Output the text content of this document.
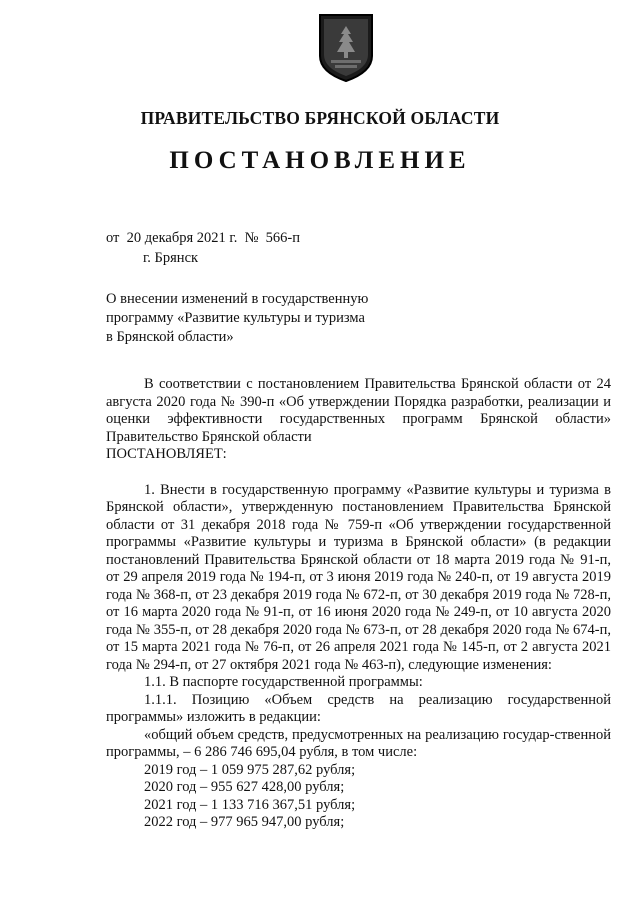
ПРАВИТЕЛЬСТВО БРЯНСКОЙ ОБЛАСТИ
ПОСТАНОВЛЕНИЕ
от  20 декабря 2021 г.  №  566-п
г. Брянск
О внесении изменений в государственную
программу «Развитие культуры и туризма
в Брянской области»

В соответствии с постановлением Правительства Брянской области от 24 августа 2020 года № 390-п «Об утверждении Порядка разработки, реализации и оценки эффективности государственных программ Брянской области» Правительство Брянской области

ПОСТАНОВЛЯЕТ:

1. Внести в государственную программу «Развитие культуры и туризма в Брянской области», утвержденную постановлением Правительства Брянской области от 31 декабря 2018 года № 759-п «Об утверждении государственной программы «Развитие культуры и туризма в Брянской области» (в редакции постановлений Правительства Брянской области от 18 марта 2019 года № 91-п, от 29 апреля 2019 года № 194-п, от 3 июня 2019 года № 240-п, от 19 августа 2019 года № 368-п, от 23 декабря 2019 года № 672-п, от 30 декабря 2019 года № 728-п, от 16 марта 2020 года № 91-п, от 16 июня 2020 года № 249-п, от 10 августа 2020 года № 355-п, от 28 декабря 2020 года № 673-п, от 28 декабря 2020 года № 674-п, от 15 марта 2021 года № 76-п, от 26 апреля 2021 года № 145-п, от 2 августа 2021 года № 294-п, от 27 октября 2021 года № 463-п), следующие изменения:

1.1. В паспорте государственной программы:

1.1.1. Позицию «Объем средств на реализацию государственной программы» изложить в редакции:

«общий объем средств, предусмотренных на реализацию государ-ственной программы, – 6 286 746 695,04 рубля, в том числе:

2019 год – 1 059 975 287,62 рубля;

2020 год – 955 627 428,00 рубля;

2021 год – 1 133 716 367,51 рубля;

2022 год – 977 965 947,00 рубля;
